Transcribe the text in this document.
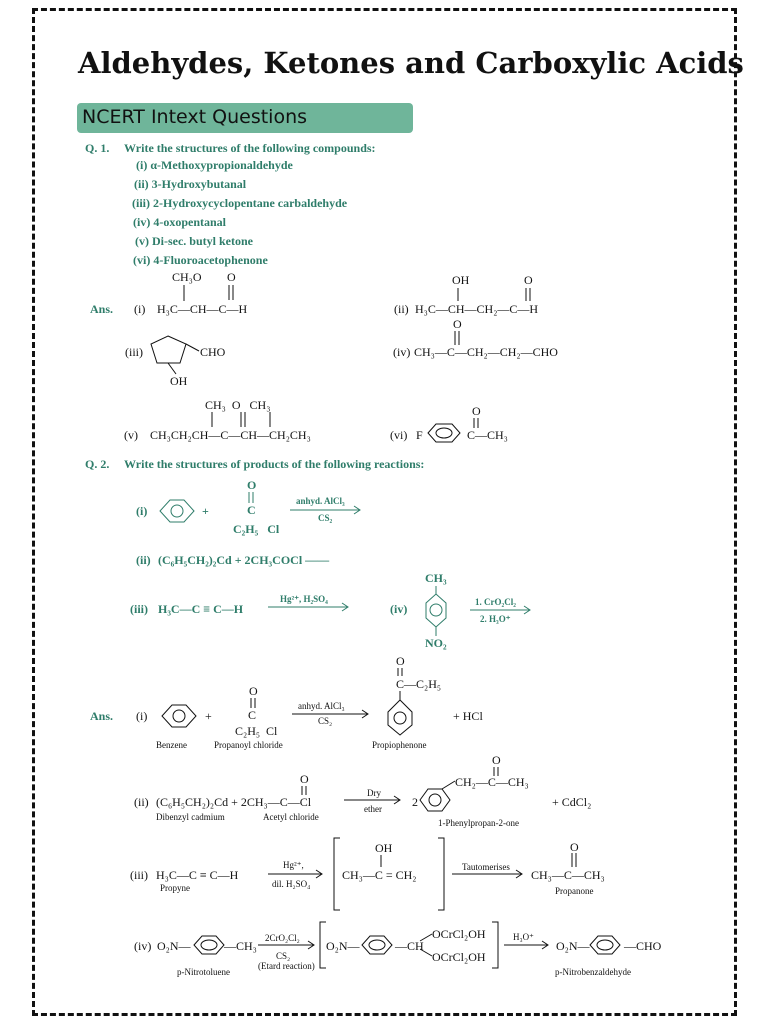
Aldehydes, Ketones and Carboxylic Acids
NCERT Intext Questions
Q. 1. Write the structures of the following compounds:
(i) α-Methoxypropionaldehyde
(ii) 3-Hydroxybutanal
(iii) 2-Hydroxycyclopentane carbaldehyde
(iv) 4-oxopentanal
(v) Di-sec. butyl ketone
(vi) 4-Fluoroacetophenone
Ans. (i)
CH₃O O
H₃C—CH—C—H	(ii)
OH	O
H₃C—CH—CH₂—C—H
(iii)	CHO
OH
(iv)
O
CH₃—C—CH₂—CH₂—CHO
(v)
CH₃  O   CH₃
CH₃CH₂CH—C—CH—CH₂CH₃	(vi) F
O
C—CH₃
Q. 2. Write the structures of products of the following reactions:
(i)	+
O
C
C₂H₅   Cl
anhyd. AlCl₃
CS₂
(ii) (C₆H₅CH₂)₂Cd + 2CH₃COCl ——
(iii) H₃C—C ≡ C—H
Hg²⁺, H₂SO₄
(iv)
CH₃
NO₂
1. CrO₂Cl₂
2. H₃O⁺
Ans. (i)	+
O
C
C₂H₅  Cl
anhyd. AlCl₃
CS₂
O
C—C₂H₅
+ HCl
Benzene	Propanoyl chloride	Propiophenone
(ii) (C₆H₅CH₂)₂Cd + 2CH₃—C—Cl
O
Dry
ether	2
CH₂—C—CH₃
O
+ CdCl₂
Dibenzyl cadmium	Acetyl chloride
1-Phenylpropan-2-one
(iii) H₃C—C ≡ C—H
Hg²⁺,
dil. H₂SO₄
OH
CH₃—C = CH₂
Tautomerises
O
CH₃—C—CH₃
Propyne	Propanone
(iv) O₂N—	—CH₃
2CrO₂Cl₂
CS₂
(Etard reaction)
O₂N—	—CH
OCrCl₂OH
OCrCl₂OH
H₃O⁺
O₂N—	—CHO
p-Nitrotoluene	p-Nitrobenzaldehyde
